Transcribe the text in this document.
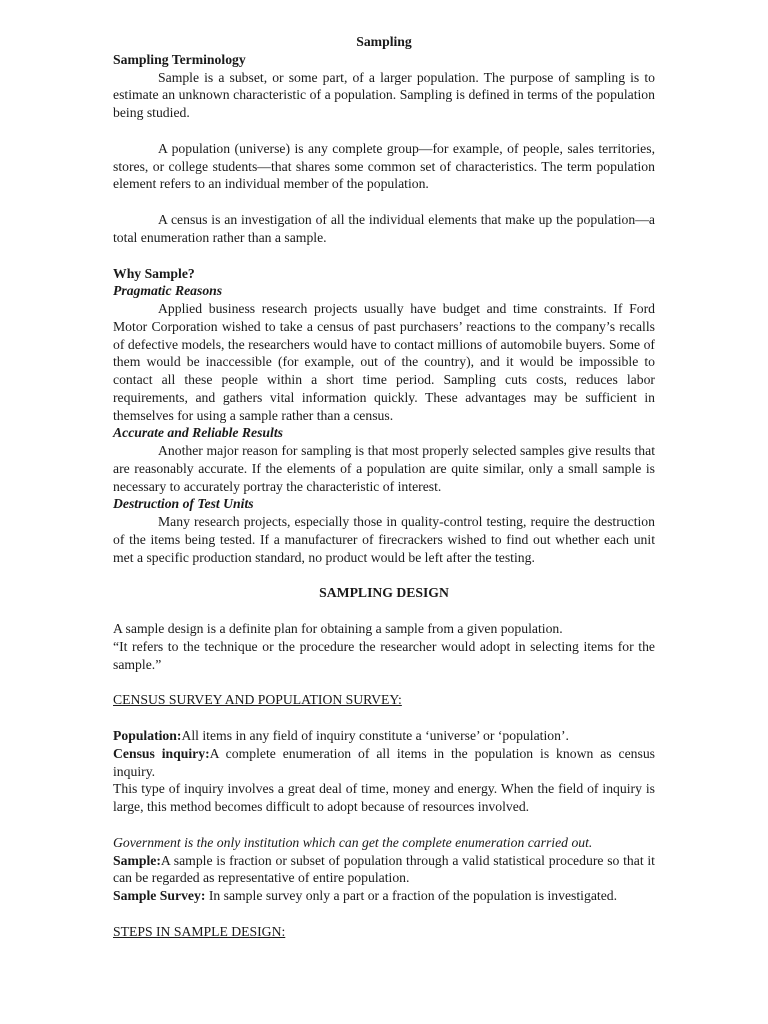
Sampling

Sampling Terminology

Sample is a subset, or some part, of a larger population. The purpose of sampling is to estimate an unknown characteristic of a population. Sampling is defined in terms of the population being studied.

A population (universe) is any complete group—for example, of people, sales territories, stores, or college students—that shares some common set of characteristics. The term population element refers to an individual member of the population.

A census is an investigation of all the individual elements that make up the population—a total enumeration rather than a sample.

Why Sample?

Pragmatic Reasons

Applied business research projects usually have budget and time constraints. If Ford Motor Corporation wished to take a census of past purchasers’ reactions to the company’s recalls of defective models, the researchers would have to contact millions of automobile buyers. Some of them would be inaccessible (for example, out of the country), and it would be impossible to contact all these people within a short time period. Sampling cuts costs, reduces labor requirements, and gathers vital information quickly. These advantages may be sufficient in themselves for using a sample rather than a census.

Accurate and Reliable Results

Another major reason for sampling is that most properly selected samples give results that are reasonably accurate. If the elements of a population are quite similar, only a small sample is necessary to accurately portray the characteristic of interest.

Destruction of Test Units

Many research projects, especially those in quality-control testing, require the destruction of the items being tested. If a manufacturer of firecrackers wished to find out whether each unit met a specific production standard, no product would be left after the testing.

SAMPLING DESIGN

A sample design is a definite plan for obtaining a sample from a given population.

“It refers to the technique or the procedure the researcher would adopt in selecting items for the sample.”

CENSUS SURVEY AND POPULATION SURVEY:

Population:All items in any field of inquiry constitute a ‘universe’ or ‘population’.

Census inquiry:A complete enumeration of all items in the population is known as census inquiry.

This type of inquiry involves a great deal of time, money and energy. When the field of inquiry is large, this method becomes difficult to adopt because of resources involved.

Government is the only institution which can get the complete enumeration carried out.

Sample:A sample is fraction or subset of population through a valid statistical procedure so that it can be regarded as representative of entire population.

Sample Survey: In sample survey only a part or a fraction of the population is investigated.

STEPS IN SAMPLE DESIGN:
